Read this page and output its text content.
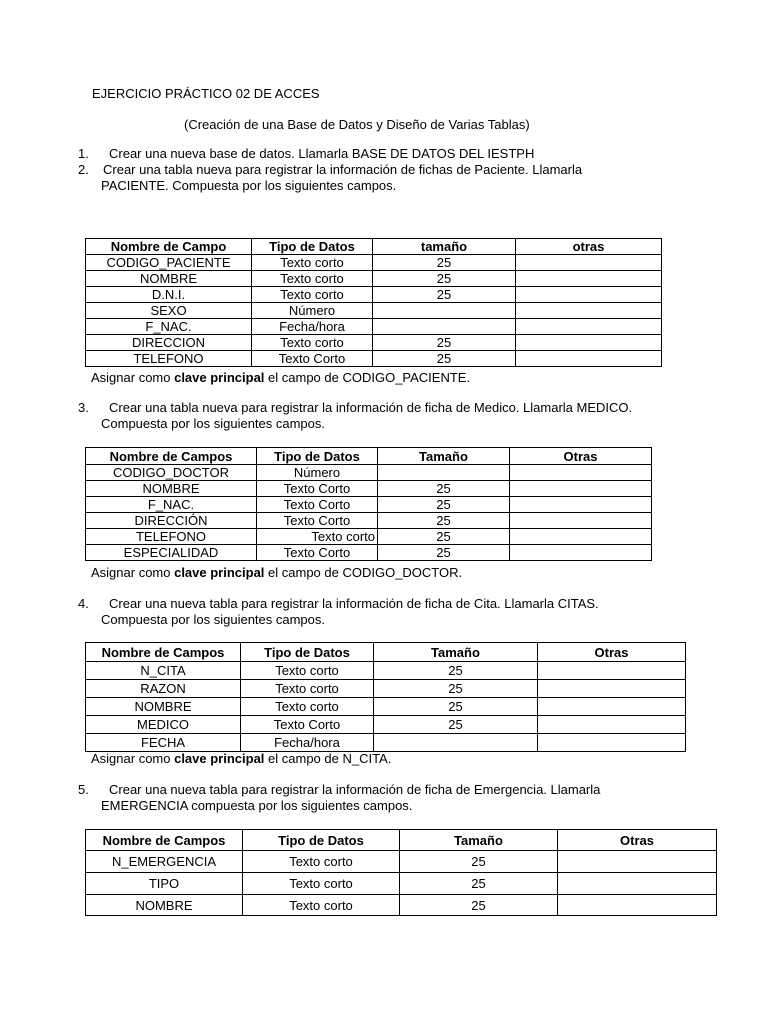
EJERCICIO PRÁCTICO 02 DE ACCES
(Creación de una Base de Datos y Diseño de Varias Tablas)
1. Crear una nueva base de datos. Llamarla BASE DE DATOS DEL IESTPH
2. Crear una tabla nueva para registrar la información de fichas de Paciente. Llamarla
PACIENTE. Compuesta por los siguientes campos.
Nombre de Campo	Tipo de Datos	tamaño	otras
CODIGO_PACIENTE	Texto corto	25	
NOMBRE	Texto corto	25	
D.N.I.	Texto corto	25	
SEXO	Número		
F_NAC.	Fecha/hora		
DIRECCION	Texto corto	25	
TELEFONO	Texto Corto	25	
Asignar como clave principal el campo de CODIGO_PACIENTE.
3. Crear una tabla nueva para registrar la información de ficha de Medico. Llamarla MEDICO.
Compuesta por los siguientes campos.
Nombre de Campos	Tipo de Datos	Tamaño	Otras
CODIGO_DOCTOR	Número		
NOMBRE	Texto Corto	25	
F_NAC.	Texto Corto	25	
DIRECCIÓN	Texto Corto	25	
TELEFONO	Texto corto	25	
ESPECIALIDAD	Texto Corto	25	
Asignar como clave principal el campo de CODIGO_DOCTOR.
4. Crear una nueva tabla para registrar la información de ficha de Cita. Llamarla CITAS.
Compuesta por los siguientes campos.
Nombre de Campos	Tipo de Datos	Tamaño	Otras
N_CITA	Texto corto	25	
RAZON	Texto corto	25	
NOMBRE	Texto corto	25	
MEDICO	Texto Corto	25	
FECHA	Fecha/hora		
Asignar como clave principal el campo de N_CITA.
5. Crear una nueva tabla para registrar la información de ficha de Emergencia. Llamarla
EMERGENCIA compuesta por los siguientes campos.
Nombre de Campos	Tipo de Datos	Tamaño	Otras
N_EMERGENCIA	Texto corto	25	
TIPO	Texto corto	25	
NOMBRE	Texto corto	25	
